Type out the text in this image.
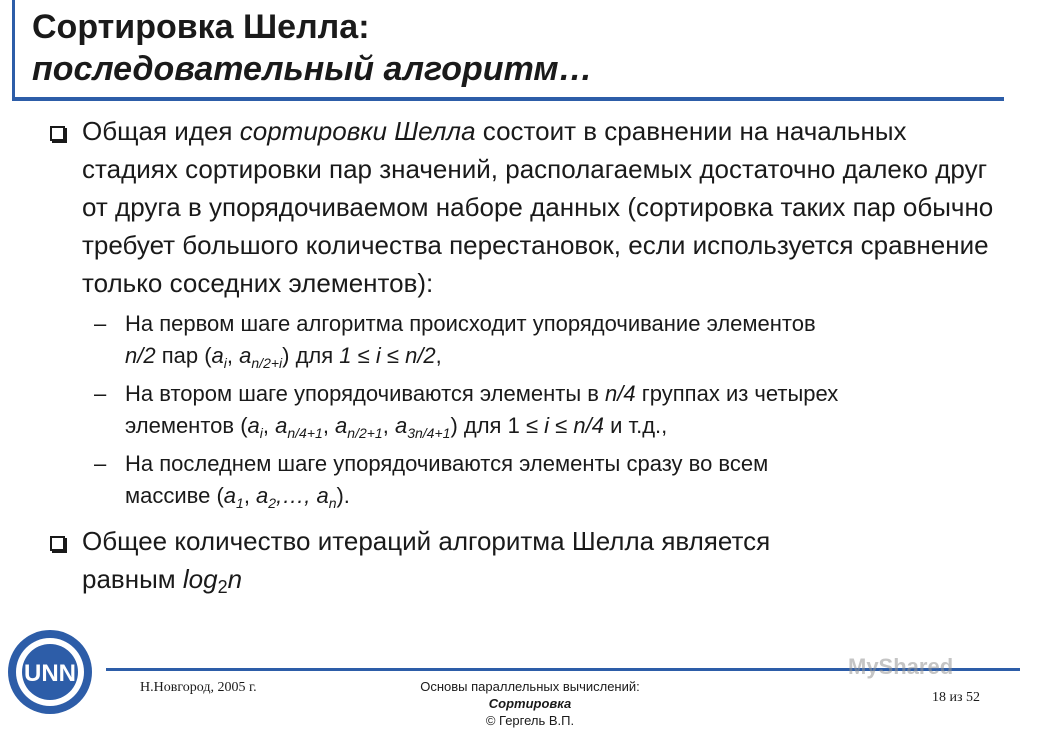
Сортировка Шелла:
последовательный алгоритм…
Общая идея сортировки Шелла состоит в сравнении на начальных стадиях сортировки пар значений, располагаемых достаточно далеко друг от друга в упорядочиваемом наборе данных (сортировка таких пар обычно требует большого количества перестановок, если используется сравнение только соседних элементов):
– На первом шаге алгоритма происходит упорядочивание элементов
n/2 пар ($a_i$, $a_{n/2+i}$) для 1 ≤ i ≤ n/2,
– На втором шаге упорядочиваются элементы в n/4 группах из четырех
элементов ($a_i$, $a_{n/4+1}$, $a_{n/2+1}$, $a_{3n/4+1}$) для 1 ≤ i ≤ n/4 и т.д.,
– На последнем шаге упорядочиваются элементы сразу во всем
массиве ($a_1$, $a_2,\dots$, $a_n$).
Общее количество итераций алгоритма Шелла является
равным $\log_2n$
UNN
Н.Новгород, 2005 г.	Основы параллельных вычислений: Сортировка
© Гергель В.П.
18 из 52
MyShared
